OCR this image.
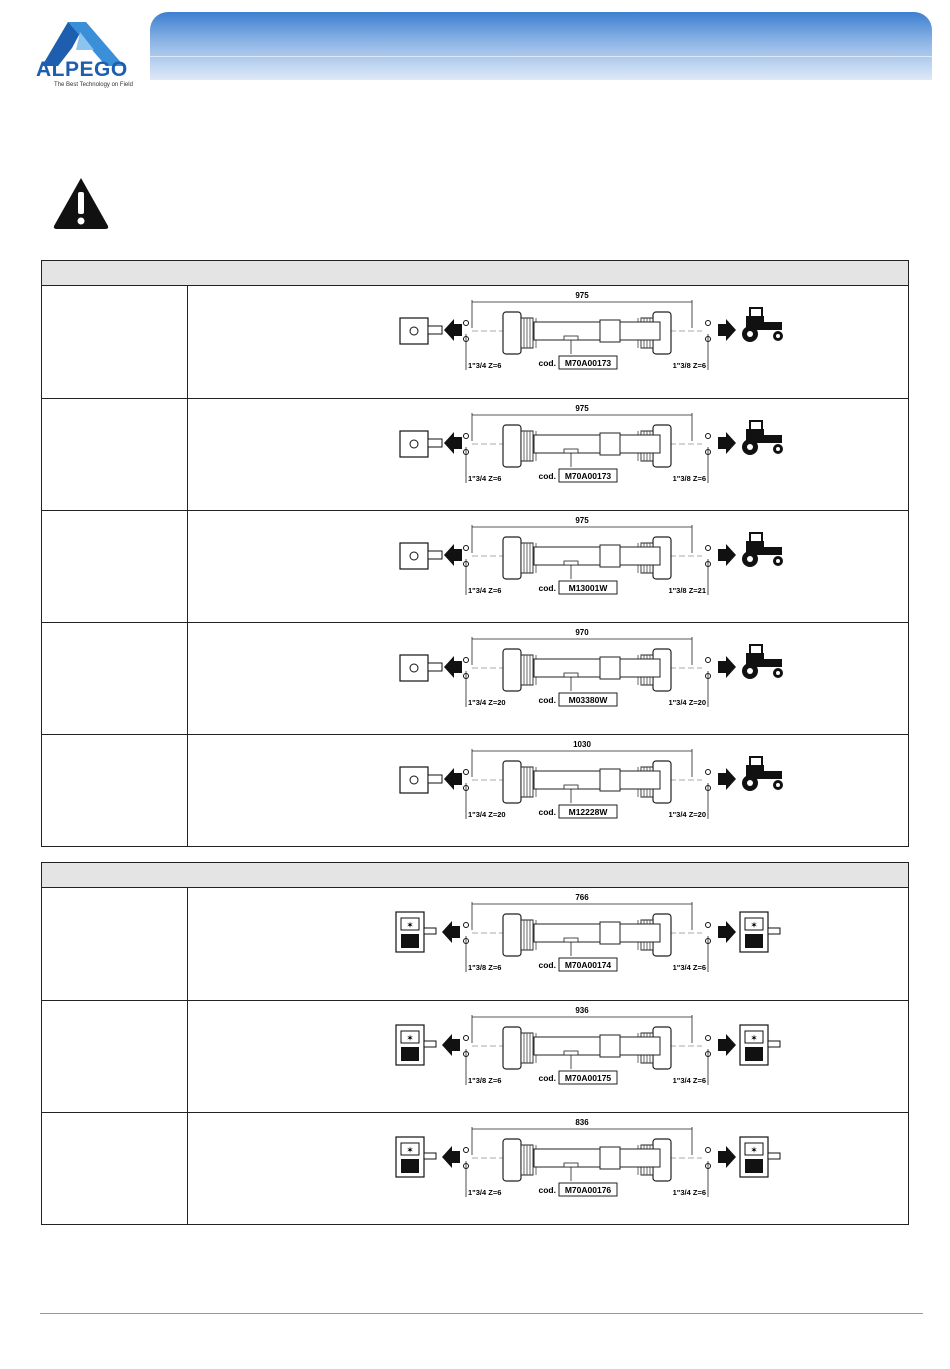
ALPEGO
The Best Technology on Field
975
1"3/4 Z=6	1"3/8 Z=6
cod. M70A00173
975
1"3/4 Z=6	1"3/8 Z=6
cod. M70A00173
975
1"3/4 Z=6	1"3/8 Z=21
cod. M13001W
970
1"3/4 Z=20	1"3/4 Z=20
cod. M03380W
1030
1"3/4 Z=20	1"3/4 Z=20
cod. M12228W
✶
766
1"3/8 Z=6	1"3/4 Z=6
cod. M70A00174
✶
✶
936
1"3/8 Z=6	1"3/4 Z=6
cod. M70A00175
✶
✶
836
1"3/4 Z=6	1"3/4 Z=6
cod. M70A00176
✶
